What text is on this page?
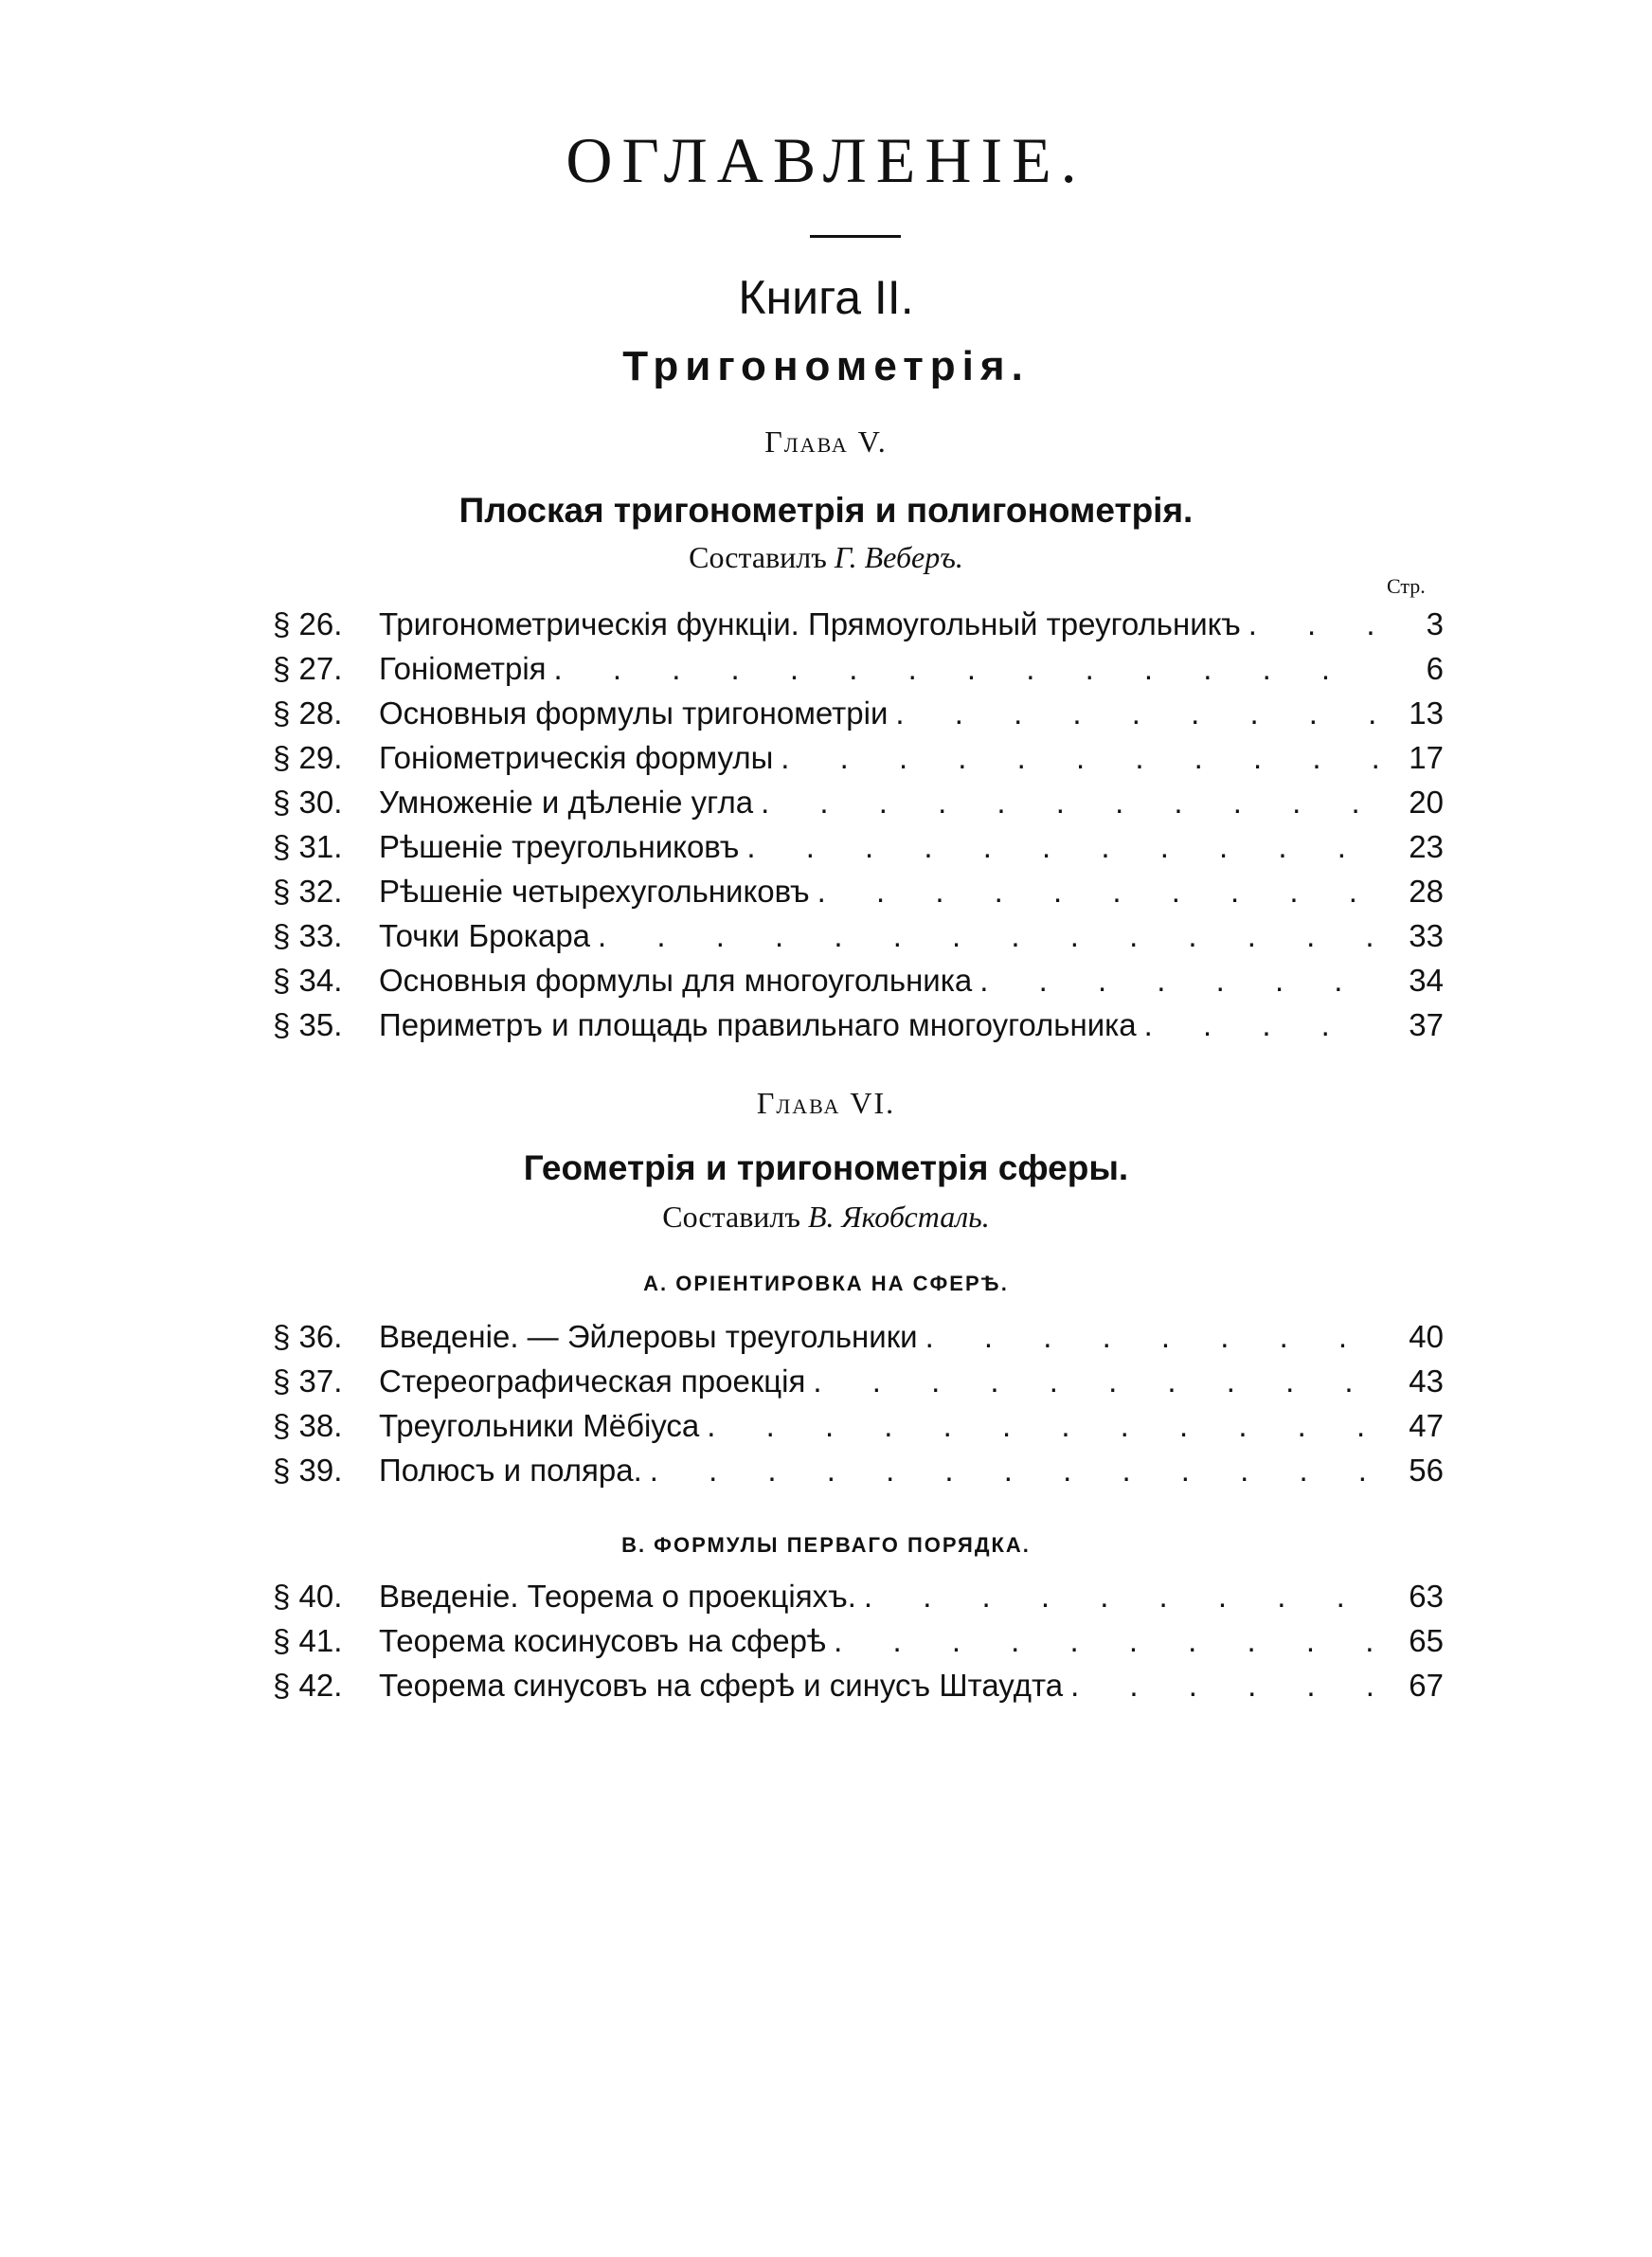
ОГЛАВЛЕНІЕ.
Книга II.
Тригонометрія.
Глава V.
Плоская тригонометрія и полигонометрія.
Составилъ Г. Веберъ.
Стр.
§ 26.	Тригонометрическія функціи. Прямоугольный треугольникъ . . .	3
§ 27.	Гоніометрія . . .	6
§ 28.	Основныя формулы тригонометріи . . .	13
§ 29.	Гоніометрическія формулы . . .	17
§ 30.	Умноженіе и дѣленіе угла . . .	20
§ 31.	Рѣшеніе треугольниковъ . . .	23
§ 32.	Рѣшеніе четырехугольниковъ . . .	28
§ 33.	Точки Брокара . . .	33
§ 34.	Основныя формулы для многоугольника . . .	34
§ 35.	Периметръ и площадь правильнаго многоугольника . . .	37
Глава VI.
Геометрія и тригонометрія сферы.
Составилъ В. Якобсталь.
А. ОРІЕНТИРОВКА НА СФЕРѢ.
§ 36.	Введеніе. — Эйлеровы треугольники . . .	40
§ 37.	Стереографическая проекція . . .	43
§ 38.	Треугольники Мёбіуса . . .	47
§ 39.	Полюсъ и поляра. . . .	56
В. ФОРМУЛЫ ПЕРВАГО ПОРЯДКА.
§ 40.	Введеніе. Теорема о проекціяхъ. . . .	63
§ 41.	Теорема косинусовъ на сферѣ . . .	65
§ 42.	Теорема синусовъ на сферѣ и синусъ Штаудта . . .	67
